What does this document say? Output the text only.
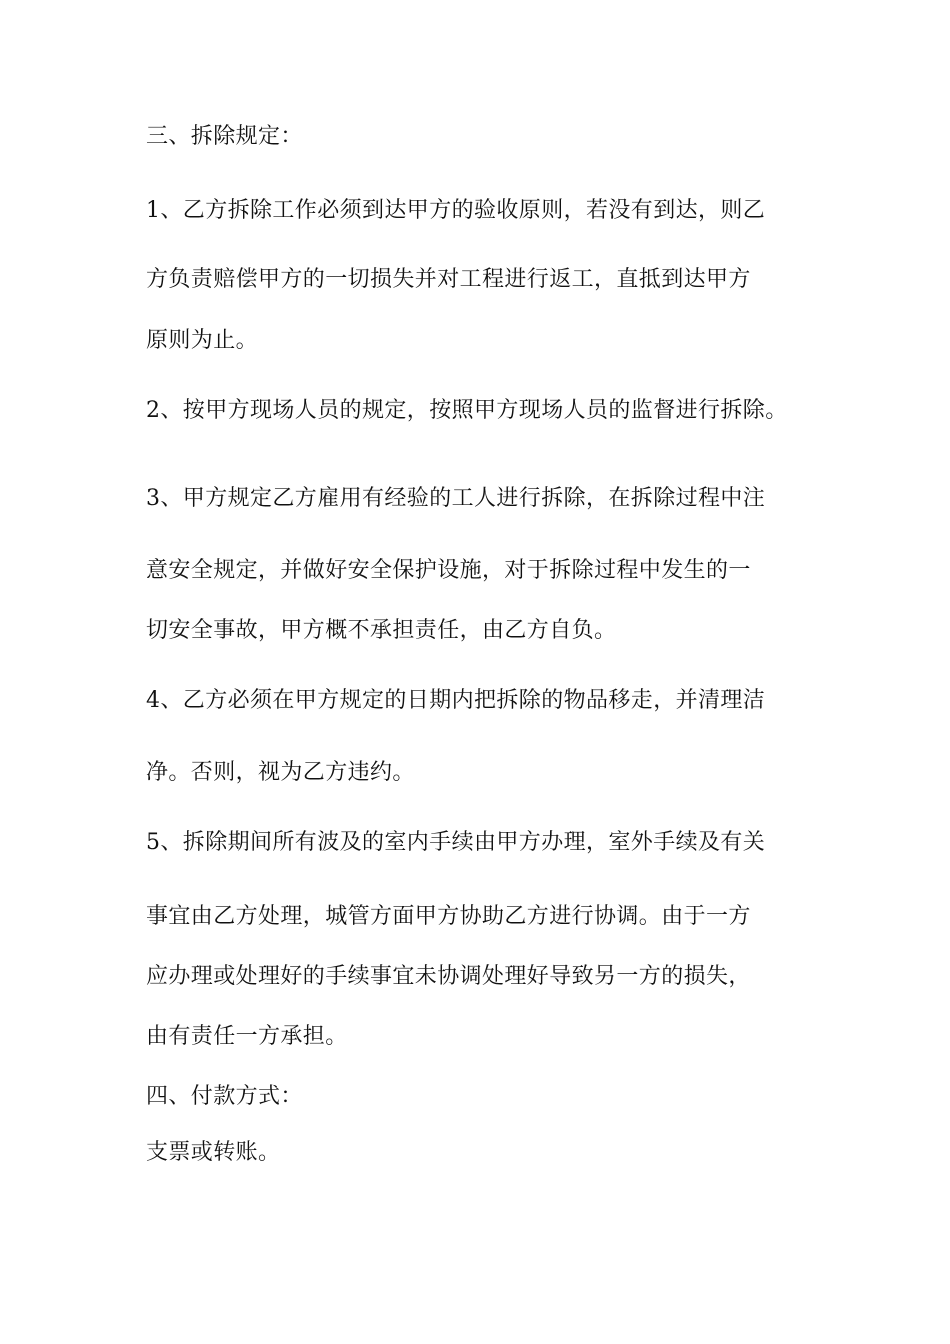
三、拆除规定：
1、乙方拆除工作必须到达甲方的验收原则，若没有到达，则乙
方负责赔偿甲方的一切损失并对工程进行返工，直抵到达甲方
原则为止。
2、按甲方现场人员的规定，按照甲方现场人员的监督进行拆除。
3、甲方规定乙方雇用有经验的工人进行拆除，在拆除过程中注
意安全规定，并做好安全保护设施，对于拆除过程中发生的一
切安全事故，甲方概不承担责任，由乙方自负。
4、乙方必须在甲方规定的日期内把拆除的物品移走，并清理洁
净。否则，视为乙方违约。
5、拆除期间所有波及的室内手续由甲方办理，室外手续及有关
事宜由乙方处理，城管方面甲方协助乙方进行协调。由于一方
应办理或处理好的手续事宜未协调处理好导致另一方的损失，
由有责任一方承担。
四、付款方式：
支票或转账。
